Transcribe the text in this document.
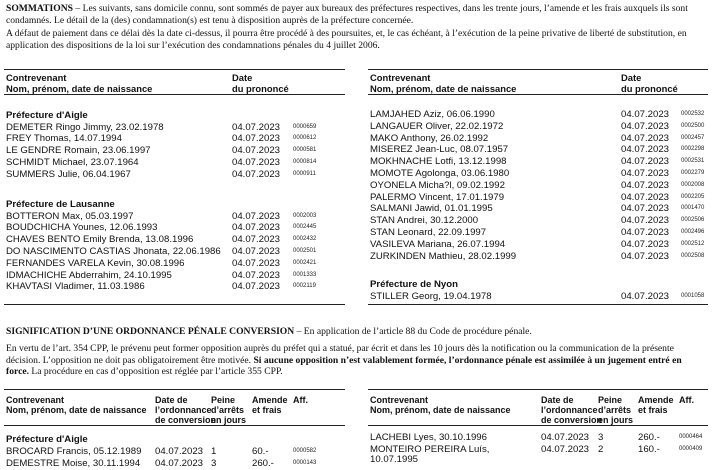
SOMMATIONS – Les suivants, sans domicile connu, sont sommés de payer aux bureaux des préfectures respectives, dans les trente jours, l’amende et les frais auxquels ils sont condamnés. Le détail de la (des) condamnation(s) est tenu à disposition auprès de la préfecture concernée.

A défaut de paiement dans ce délai dès la date ci-dessus, il pourra être procédé à des poursuites, et, le cas échéant, à l’exécution de la peine privative de liberté de substitution, en application des dispositions de la loi sur l’exécution des condamnations pénales du 4 juillet 2006.

Contrevenant
Nom, prénom, date de naissance
Date
du prononcé
Préfecture d'Aigle
DEMETER Ringo Jimmy, 23.02.1978	04.07.2023 0000659
FREY Thomas, 14.07.1994	04.07.2023 0000612
LE GENDRE Romain, 23.06.1997	04.07.2023 0000581
SCHMIDT Michael, 23.07.1964	04.07.2023 0000814
SUMMERS Julie, 06.04.1967	04.07.2023 0000911
Préfecture de Lausanne
BOTTERON Max, 05.03.1997	04.07.2023 0002003
BOUDCHICHA Younes, 12.06.1993	04.07.2023 0002445
CHAVES BENTO Emily Brenda, 13.08.1996	04.07.2023 0002432
DO NASCIMENTO CASTIAS Jhonata, 22.06.1986 04.07.2023 0002501
FERNANDES VARELA Kevin, 30.08.1996	04.07.2023 0002421
IDMACHICHE Abderrahim, 24.10.1995	04.07.2023 0001333
KHAVTASI Vladimer, 11.03.1986	04.07.2023 0002119
Contrevenant
Nom, prénom, date de naissance
Date
du prononcé
LAMJAHED Aziz, 06.06.1990	04.07.2023 0002532
LANGAUER Oliver, 22.02.1972	04.07.2023 0002500
MAKO Anthony, 26.02.1992	04.07.2023 0002457
MISEREZ Jean-Luc, 08.07.1957	04.07.2023 0002298
MOKHNACHE Lotfi, 13.12.1998	04.07.2023 0002531
MOMOTE Agolonga, 03.06.1980	04.07.2023 0002279
OYONELA Micha?l, 09.02.1992	04.07.2023 0002008
PALERMO Vincent, 17.01.1979	04.07.2023 0002205
SALMANI Jawid, 01.01.1995	04.07.2023 0001470
STAN Andrei, 30.12.2000	04.07.2023 0002506
STAN Leonard, 22.09.1997	04.07.2023 0002496
VASILEVA Mariana, 26.07.1994	04.07.2023 0002512
ZURKINDEN Mathieu, 28.02.1999	04.07.2023 0002508
Préfecture de Nyon
STILLER Georg, 19.04.1978	04.07.2023 0001058

SIGNIFICATION D’UNE ORDONNANCE PÉNALE CONVERSION – En application de l’article 88 du Code de procédure pénale.

En vertu de l’art. 354 CPP, le prévenu peut former opposition auprès du préfet qui a statué, par écrit et dans les 10 jours dès la notification ou la communication de la présente décision. L’opposition ne doit pas obligatoirement être motivée. Si aucune opposition n’est valablement formée, l’ordonnance pénale est assimilée à un jugement entré en force. La procédure en cas d’opposition est réglée par l’article 355 CPP.

Contrevenant
Nom, prénom, date de naissance
Date de
l’ordonnance
de conversion
Peine
d’arrêts
en jours
Amende
et frais
Aff.
Préfecture d'Aigle
BROCARD Francis, 05.12.1989 04.07.2023 1	60.-	0000582
DEMESTRE Moise, 30.11.1994 04.07.2023 3	260.-	0000143
Contrevenant
Nom, prénom, date de naissance
Date de
l’ordonnance
de conversion
Peine
d’arrêts
en jours
Amende
et frais
Aff.
LACHEBI Lyes, 30.10.1996	04.07.2023 3	260.-	0000464
MONTEIRO PEREIRA Luís,
10.07.1995
04.07.2023 2	160.-	0000409
